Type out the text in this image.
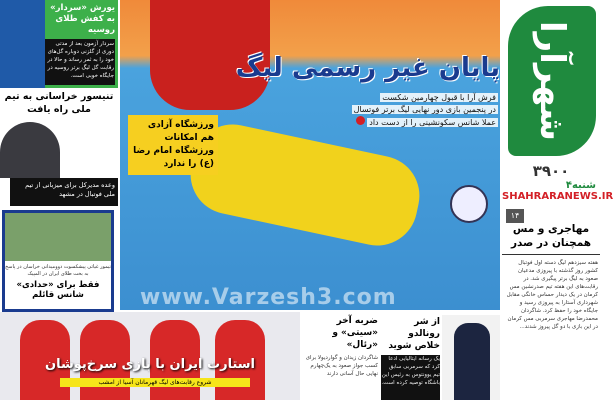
www.Varzesh3.com
پایان غیر رسمی لیگ
فرش آرا با قبول چهارمین شکست
در پنجمین بازی دور نهایی لیگ برتر فوتسال
عملا شانس سکونشینی را از دست داد	شهرآرا
۳۹۰۰
۴شنبه
SHAHRARANEWS.IR
۱۴
مهاجری و مس همچنان در صدر
هفته سیزدهم لیگ دسته اول فوتبال کشور روز گذشته با پیروزی مدعیان صعود به لیگ برتر پیگیری شد. در رقابت‌های این هفته تیم صدرنشین مس کرمان در یک دیدار حساس خانگی مقابل شهرداری آستارا به پیروزی رسید و جایگاه خود را حفظ کرد. شاگردان محمدرضا مهاجری سرمربی مس کرمان در این بازی با دو گل پیروز شدند...
یورش «سردار» به کفش طلای روسیه
سردار آزمون بعد از مدتی دوری از گلزنی دوباره گل‌های خود را به ثمر رساند و حالا در رقابت گل لیگ برتر روسیه در جایگاه خوبی است.
تنیسور خراسانی به تیم ملی راه یافت
ورزشگاه آزادی هم امکانات ورزشگاه امام رضا (ع) را ندارد
وعده مدیرکل برای میزبانی از تیم ملی فوتبال در مشهد
تیمور غیاثی پیشکسوت دوومیدانی خراسان در پاسخ به بخت طلای ایران در المپیک
فقط برای «حدادی» شانس قائلم
استارت ایران با بازی سرخ‌پوشان
شروع رقابت‌های لیگ قهرمانان آسیا از امشب
ضربه آخر «سیتی» و «رئال»
شاگردان زیدان و گواردیولا برای کسب جواز صعود به یک‌چهارم نهایی حال آسانی دارند
از شر رونالدو خلاص شوید
یک رسانه ایتالیایی ادعا کرد که سرمربی سابق تیم یوونتوس به رئیس این باشگاه توصیه کرده است.
